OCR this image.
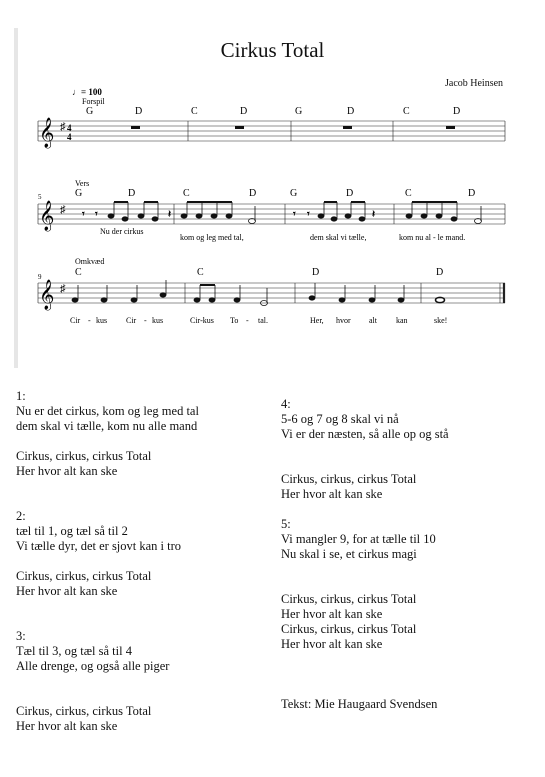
Cirkus Total
Jacob Heinsen
♩= 100
Forspil
𝄞 ♯ 4
4
G	D	C	D	G	D	C	D
Vers
5
𝄞 ♯ 𝄾 𝄾	𝄽	𝄾 𝄾	𝄽
G	D	C	D	G	D	C	D
Nu der cirkus
kom og leg med tal,	dem skal vi tælle,	kom nu al - le mand.
Omkvæd
9
𝄞 ♯
C	C	D	D
Cir - kus Cir - kus	Cir-kus To - tal.	Her, hvor alt kan	ske!
1:
Nu er det cirkus, kom og leg med tal
dem skal vi tælle, kom nu alle mand
Cirkus, cirkus, cirkus Total
Her hvor alt kan ske
2:
tæl til 1, og tæl så til 2
Vi tælle dyr, det er sjovt kan i tro
Cirkus, cirkus, cirkus Total
Her hvor alt kan ske
3:
Tæl til 3, og tæl så til 4
Alle drenge, og også alle piger
Cirkus, cirkus, cirkus Total
Her hvor alt kan ske
4:
5-6 og 7 og 8 skal vi nå
Vi er der næsten, så alle op og stå
Cirkus, cirkus, cirkus Total
Her hvor alt kan ske
5:
Vi mangler 9, for at tælle til 10
Nu skal i se, et cirkus magi
Cirkus, cirkus, cirkus Total
Her hvor alt kan ske
Cirkus, cirkus, cirkus Total
Her hvor alt kan ske
Tekst: Mie Haugaard Svendsen
